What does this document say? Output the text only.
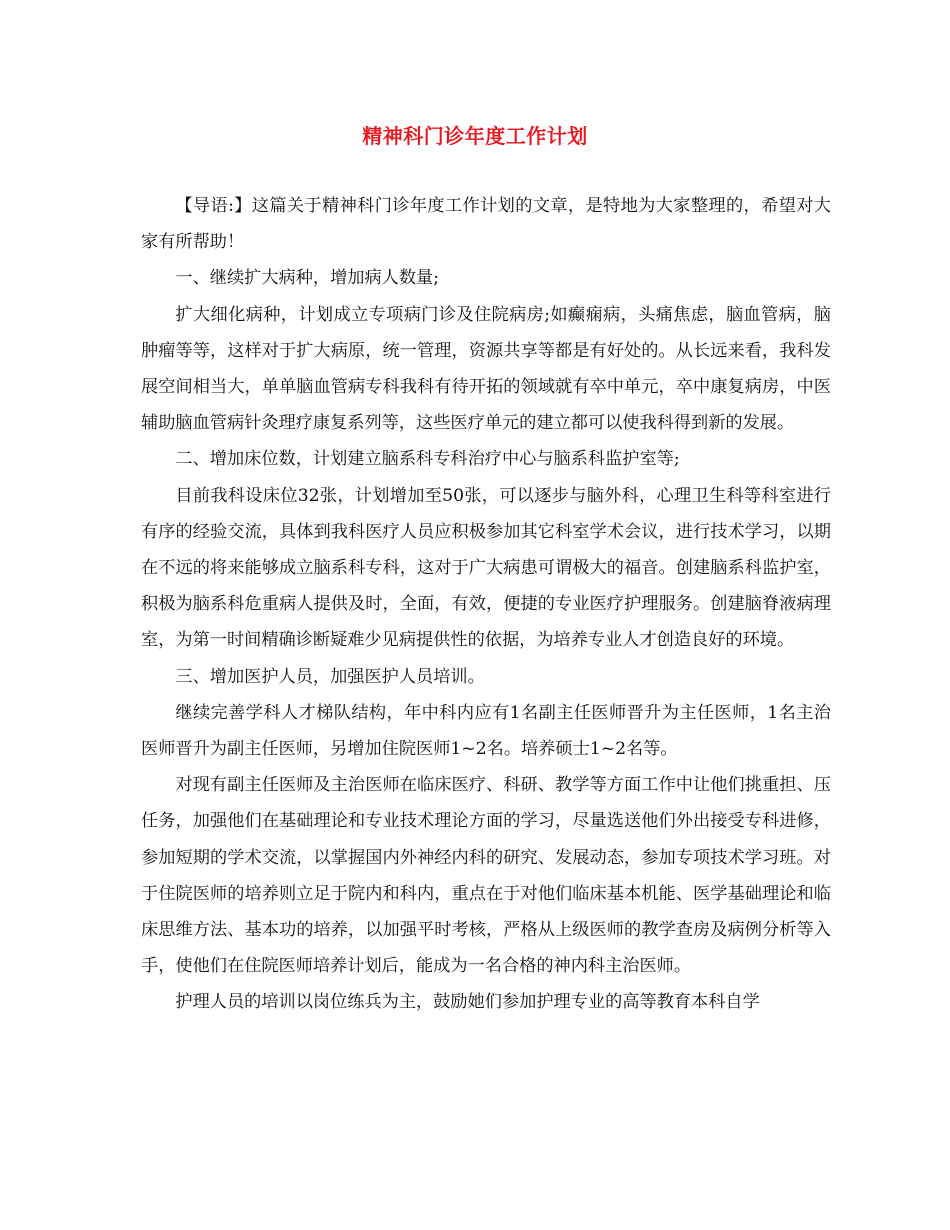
精神科门诊年度工作计划

【导语:】这篇关于精神科门诊年度工作计划的文章，是特地为大家整理的，希望对大家有所帮助！

一、继续扩大病种，增加病人数量;

扩大细化病种，计划成立专项病门诊及住院病房;如癫痫病，头痛焦虑，脑血管病，脑肿瘤等等，这样对于扩大病原，统一管理，资源共享等都是有好处的。从长远来看，我科发展空间相当大，单单脑血管病专科我科有待开拓的领域就有卒中单元，卒中康复病房，中医辅助脑血管病针灸理疗康复系列等，这些医疗单元的建立都可以使我科得到新的发展。

二、增加床位数，计划建立脑系科专科治疗中心与脑系科监护室等;

目前我科设床位32张，计划增加至50张，可以逐步与脑外科，心理卫生科等科室进行有序的经验交流，具体到我科医疗人员应积极参加其它科室学术会议，进行技术学习，以期在不远的将来能够成立脑系科专科，这对于广大病患可谓极大的福音。创建脑系科监护室，积极为脑系科危重病人提供及时，全面，有效，便捷的专业医疗护理服务。创建脑脊液病理室，为第一时间精确诊断疑难少见病提供性的依据，为培养专业人才创造良好的环境。

三、增加医护人员，加强医护人员培训。

继续完善学科人才梯队结构，年中科内应有1名副主任医师晋升为主任医师，1名主治医师晋升为副主任医师，另增加住院医师1~2名。培养硕士1~2名等。

对现有副主任医师及主治医师在临床医疗、科研、教学等方面工作中让他们挑重担、压任务，加强他们在基础理论和专业技术理论方面的学习，尽量选送他们外出接受专科进修，参加短期的学术交流，以掌握国内外神经内科的研究、发展动态，参加专项技术学习班。对于住院医师的培养则立足于院内和科内，重点在于对他们临床基本机能、医学基础理论和临床思维方法、基本功的培养，以加强平时考核，严格从上级医师的教学查房及病例分析等入手，使他们在住院医师培养计划后，能成为一名合格的神内科主治医师。

护理人员的培训以岗位练兵为主，鼓励她们参加护理专业的高等教育本科自学
